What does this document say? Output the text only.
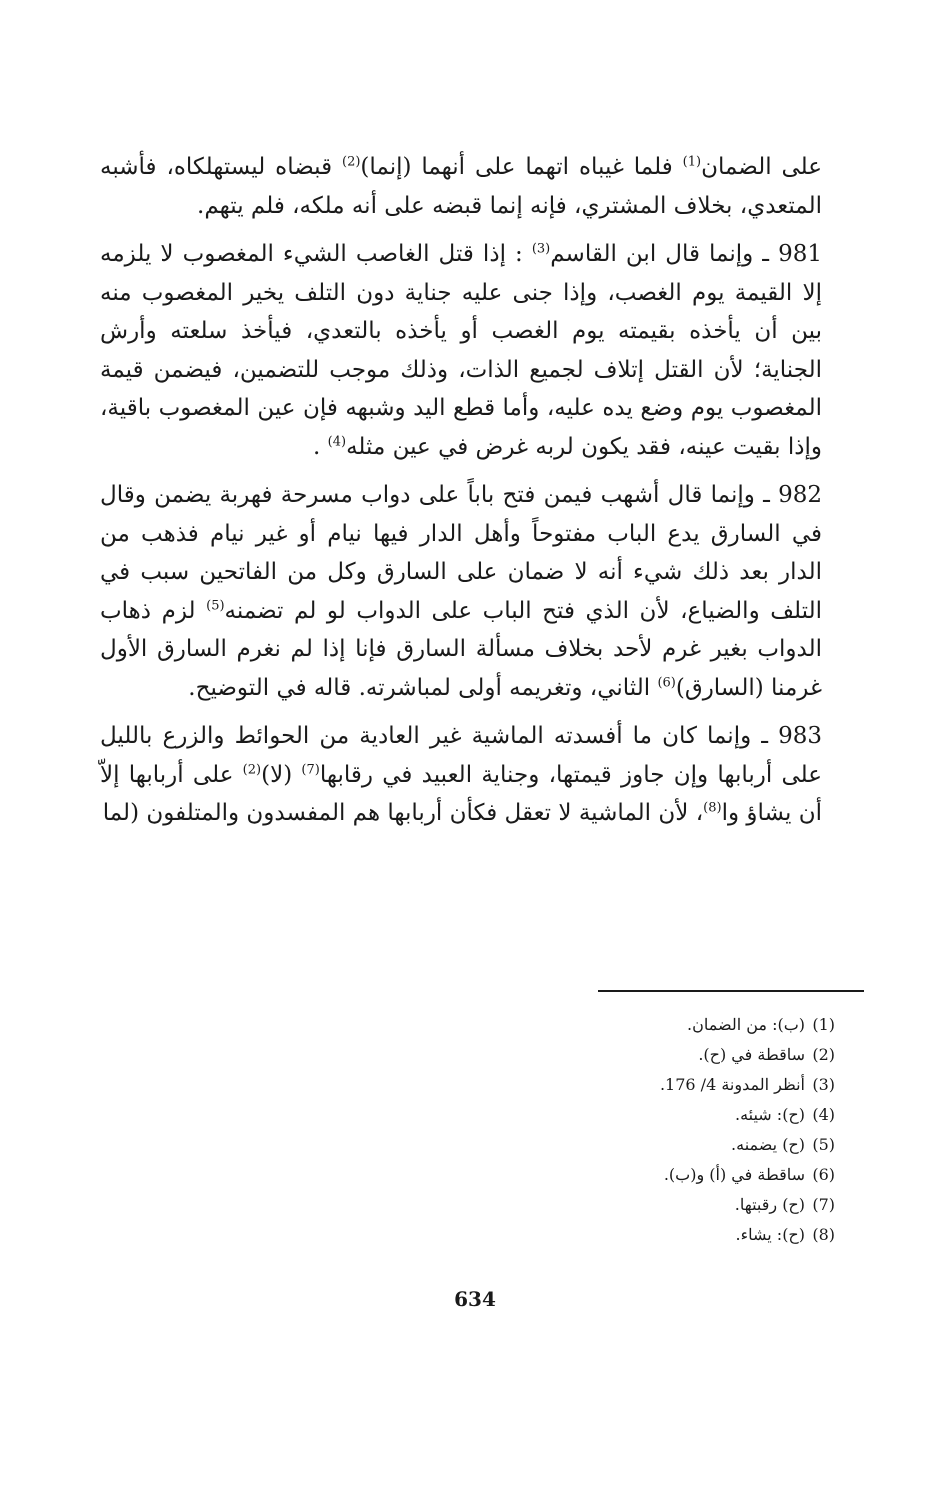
على الضمان$^{(1)}$ فلما غيباه اتهما على أنهما (إنما)$^{(2)}$ قبضاه ليستهلكاه، فأشبه المتعدي، بخلاف المشتري، فإنه إنما قبضه على أنه ملكه، فلم يتهم.

981 ـ وإنما قال ابن القاسم$^{(3)}$ : إذا قتل الغاصب الشيء المغصوب لا يلزمه إلا القيمة يوم الغصب، وإذا جنى عليه جناية دون التلف يخير المغصوب منه بين أن يأخذه بقيمته يوم الغصب أو يأخذه بالتعدي، فيأخذ سلعته وأرش الجناية؛ لأن القتل إتلاف لجميع الذات، وذلك موجب للتضمين، فيضمن قيمة المغصوب يوم وضع يده عليه، وأما قطع اليد وشبهه فإن عين المغصوب باقية، وإذا بقيت عينه، فقد يكون لربه غرض في عين مثله$^{(4)}$ .

982 ـ وإنما قال أشهب فيمن فتح باباً على دواب مسرحة فهربة يضمن وقال في السارق يدع الباب مفتوحاً وأهل الدار فيها نيام أو غير نيام فذهب من الدار بعد ذلك شيء أنه لا ضمان على السارق وكل من الفاتحين سبب في التلف والضياع، لأن الذي فتح الباب على الدواب لو لم تضمنه$^{(5)}$ لزم ذهاب الدواب بغير غرم لأحد بخلاف مسألة السارق فإنا إذا لم نغرم السارق الأول غرمنا (السارق)$^{(6)}$ الثاني، وتغريمه أولى لمباشرته. قاله في التوضيح.

983 ـ وإنما كان ما أفسدته الماشية غير العادية من الحوائط والزرع بالليل على أربابها وإن جاوز قيمتها، وجناية العبيد في رقابها$^{(7)}$ (لا)$^{(2)}$ على أربابها إلاّ أن يشاؤ وا$^{(8)}$، لأن الماشية لا تعقل فكأن أربابها هم المفسدون والمتلفون (لما

(1)(ب): من الضمان.
(2)ساقطة في (ح).
(3)أنظر المدونة 4/ 176.
(4)(ح): شيئه.
(5)(ح) يضمنه.
(6)ساقطة في (أ) و(ب).
(7)(ح) رقبتها.
(8)(ح): يشاء.
634
